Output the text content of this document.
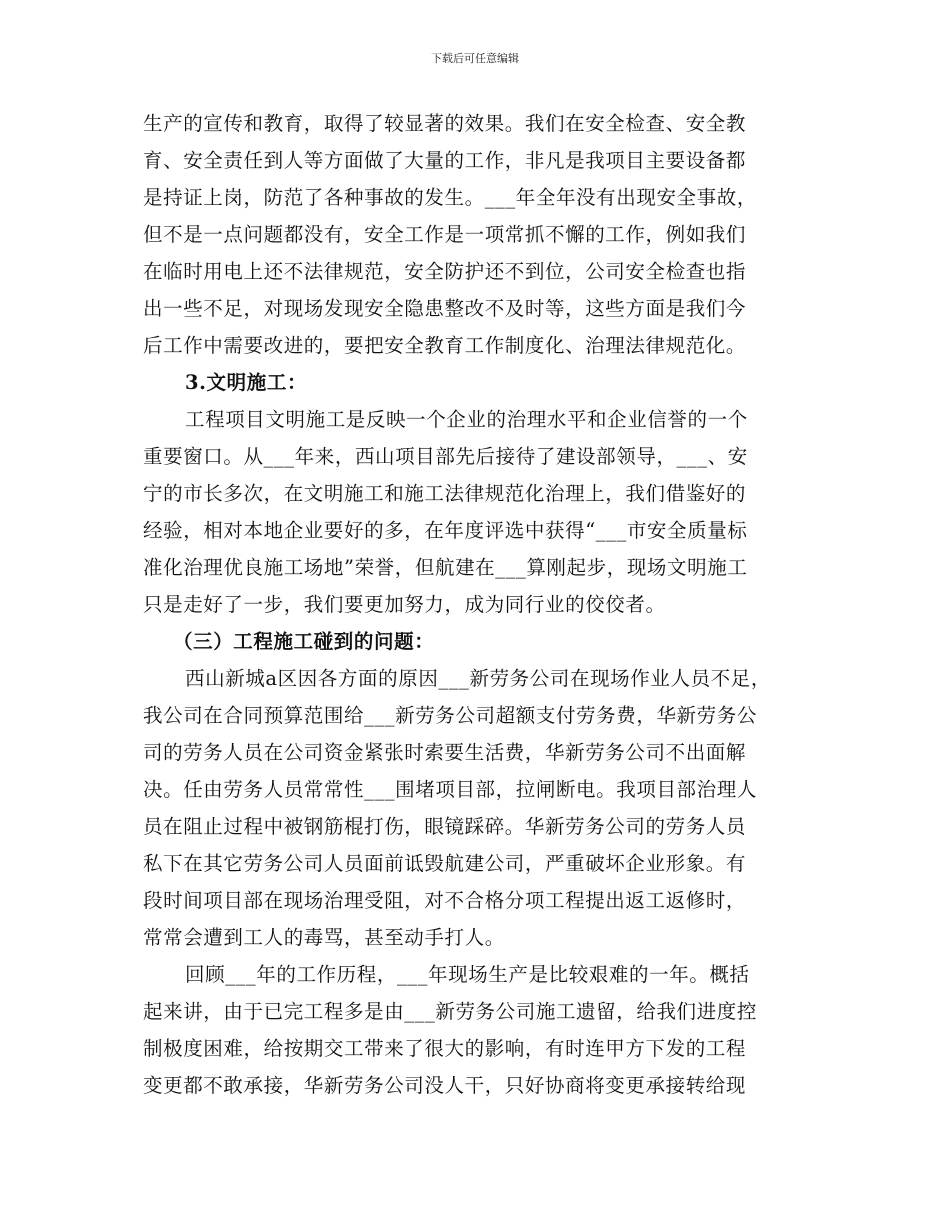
下载后可任意编辑
生产的宣传和教育，取得了较显著的效果。我们在安全检查、安全教
育、安全责任到人等方面做了大量的工作，非凡是我项目主要设备都
是持证上岗，防范了各种事故的发生。___年全年没有出现安全事故，
但不是一点问题都没有，安全工作是一项常抓不懈的工作，例如我们
在临时用电上还不法律规范，安全防护还不到位，公司安全检查也指
出一些不足，对现场发现安全隐患整改不及时等，这些方面是我们今
后工作中需要改进的，要把安全教育工作制度化、治理法律规范化。
3.文明施工：
工程项目文明施工是反映一个企业的治理水平和企业信誉的一个
重要窗口。从___年来，西山项目部先后接待了建设部领导，___、安
宁的市长多次，在文明施工和施工法律规范化治理上，我们借鉴好的
经验，相对本地企业要好的多，在年度评选中获得“___市安全质量标
准化治理优良施工场地”荣誉，但航建在___算刚起步，现场文明施工
只是走好了一步，我们要更加努力，成为同行业的佼佼者。
（三）工程施工碰到的问题：
西山新城a区因各方面的原因___新劳务公司在现场作业人员不足，
我公司在合同预算范围给___新劳务公司超额支付劳务费，华新劳务公
司的劳务人员在公司资金紧张时索要生活费，华新劳务公司不出面解
决。任由劳务人员常常性___围堵项目部，拉闸断电。我项目部治理人
员在阻止过程中被钢筋棍打伤，眼镜踩碎。华新劳务公司的劳务人员
私下在其它劳务公司人员面前诋毁航建公司，严重破坏企业形象。有
段时间项目部在现场治理受阻，对不合格分项工程提出返工返修时，
常常会遭到工人的毒骂，甚至动手打人。
回顾___年的工作历程，___年现场生产是比较艰难的一年。概括
起来讲，由于已完工程多是由___新劳务公司施工遗留，给我们进度控
制极度困难，给按期交工带来了很大的影响，有时连甲方下发的工程
变更都不敢承接，华新劳务公司没人干，只好协商将变更承接转给现
